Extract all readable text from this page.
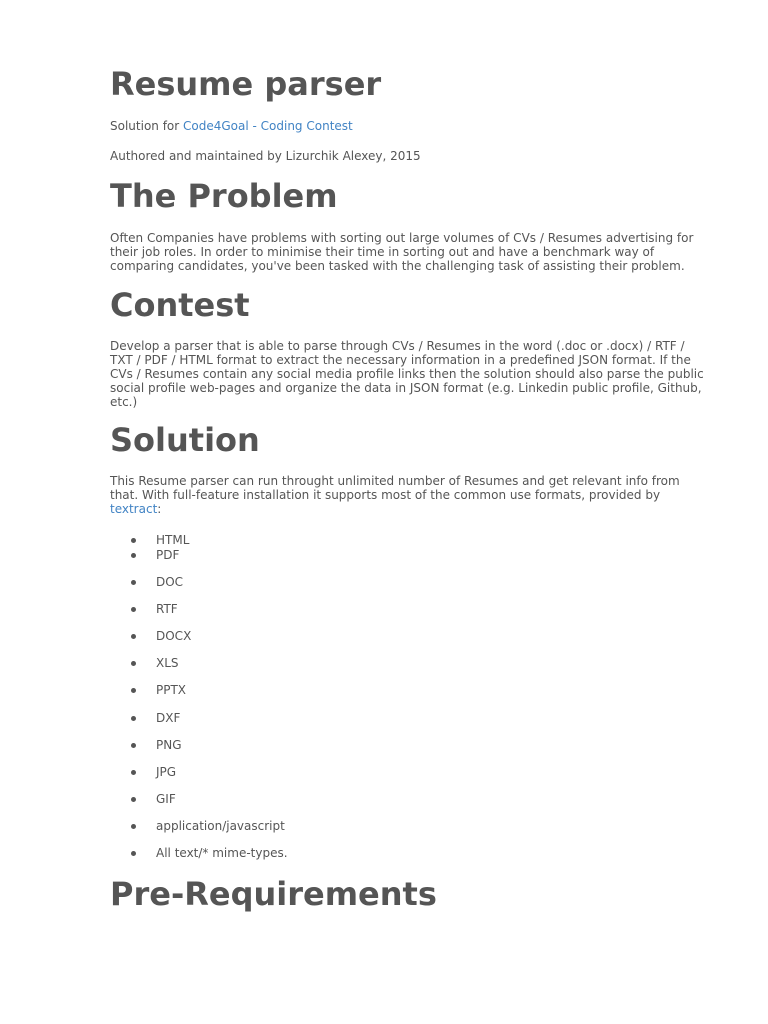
Resume parser

Solution for Code4Goal - Coding Contest

Authored and maintained by Lizurchik Alexey, 2015

The Problem

Often Companies have problems with sorting out large volumes of CVs / Resumes advertising for their job roles. In order to minimise their time in sorting out and have a benchmark way of comparing candidates, you've been tasked with the challenging task of assisting their problem.

Contest

Develop a parser that is able to parse through CVs / Resumes in the word (.doc or .docx) / RTF / TXT / PDF / HTML format to extract the necessary information in a predefined JSON format. If the CVs / Resumes contain any social media profile links then the solution should also parse the public social profile web-pages and organize the data in JSON format (e.g. Linkedin public profile, Github, etc.)

Solution

This Resume parser can run throught unlimited number of Resumes and get relevant info from that. With full-feature installation it supports most of the common use formats, provided by textract:

HTML
PDF
DOC
RTF
DOCX
XLS
PPTX
DXF
PNG
JPG
GIF
application/javascript
All text/* mime-types.
Pre-Requirements
